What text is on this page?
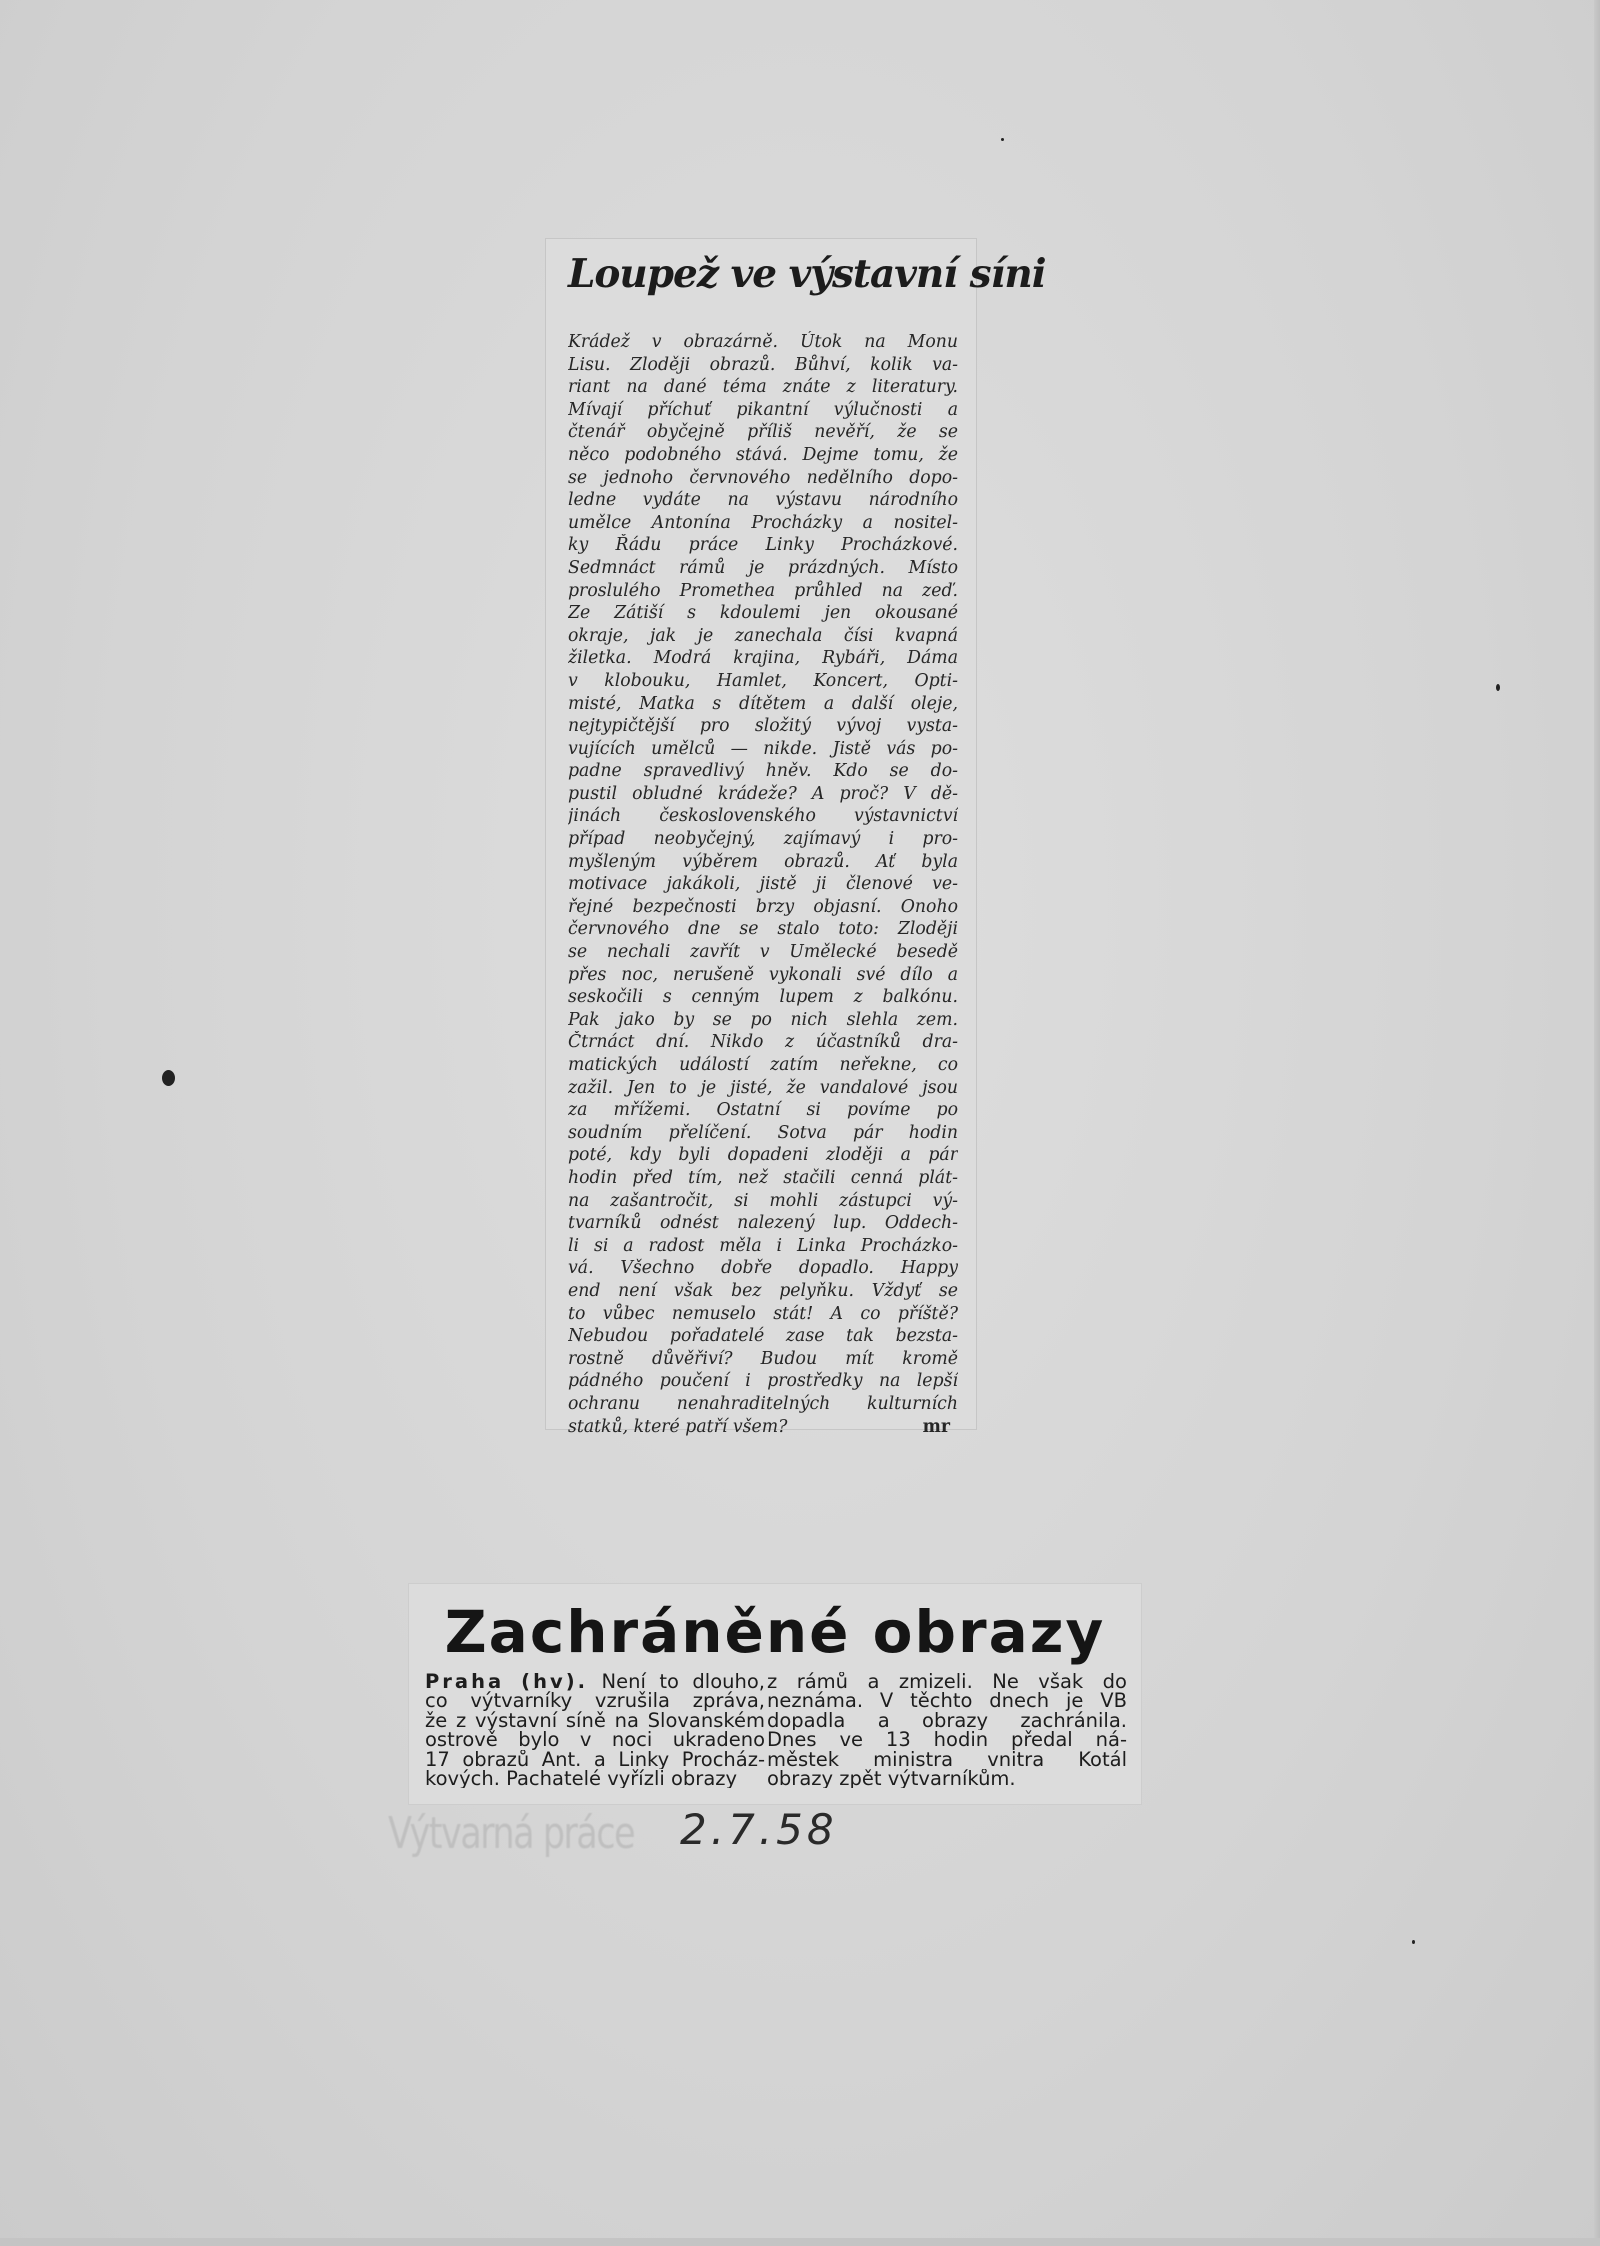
Loupež ve výstavní síni
Krádež v obrazárně. Útok na Monu
Lisu. Zloději obrazů. Bůhví, kolik va-
riant na dané téma znáte z literatury.
Mívají příchuť pikantní výlučnosti a
čtenář obyčejně příliš nevěří, že se
něco podobného stává. Dejme tomu, že
se jednoho červnového nedělního dopo-
ledne vydáte na výstavu národního
umělce Antonína Procházky a nositel-
ky Řádu práce Linky Procházkové.
Sedmnáct rámů je prázdných. Místo
proslulého Promethea průhled na zeď.
Ze Zátiší s kdoulemi jen okousané
okraje, jak je zanechala čísi kvapná
žiletka. Modrá krajina, Rybáři, Dáma
v klobouku, Hamlet, Koncert, Opti-
misté, Matka s dítětem a další oleje,
nejtypičtější pro složitý vývoj vysta-
vujících umělců — nikde. Jistě vás po-
padne spravedlivý hněv. Kdo se do-
pustil obludné krádeže? A proč? V dě-
jinách československého výstavnictví
případ neobyčejný, zajímavý i pro-
myšleným výběrem obrazů. Ať byla
motivace jakákoli, jistě ji členové ve-
řejné bezpečnosti brzy objasní. Onoho
červnového dne se stalo toto: Zloději
se nechali zavřít v Umělecké besedě
přes noc, nerušeně vykonali své dílo a
seskočili s cenným lupem z balkónu.
Pak jako by se po nich slehla zem.
Čtrnáct dní. Nikdo z účastníků dra-
matických událostí zatím neřekne, co
zažil. Jen to je jisté, že vandalové jsou
za mřížemi. Ostatní si povíme po
soudním přelíčení. Sotva pár hodin
poté, kdy byli dopadeni zloději a pár
hodin před tím, než stačili cenná plát-
na zašantročit, si mohli zástupci vý-
tvarníků odnést nalezený lup. Oddech-
li si a radost měla i Linka Procházko-
vá. Všechno dobře dopadlo. Happy
end není však bez pelyňku. Vždyť se
to vůbec nemuselo stát! A co příště?
Nebudou pořadatelé zase tak bezsta-
rostně důvěřiví? Budou mít kromě
pádného poučení i prostředky na lepší
ochranu nenahraditelných kulturních
statků, které patří všem?	mr
Zachráněné obrazy
Praha (hv). Není to dlouho,
co výtvarníky vzrušila zpráva,
že z výstavní síně na Slovanském
ostrově bylo v noci ukradeno
17 obrazů Ant. a Linky Procház-
kových. Pachatelé vyřízli obrazy
z rámů a zmizeli. Ne však do
neznáma. V těchto dnech je VB
dopadla a obrazy zachránila.
Dnes ve 13 hodin předal ná-
městek ministra vnitra Kotál
obrazy zpět výtvarníkům.
Výtvarná práce 2.7.58
